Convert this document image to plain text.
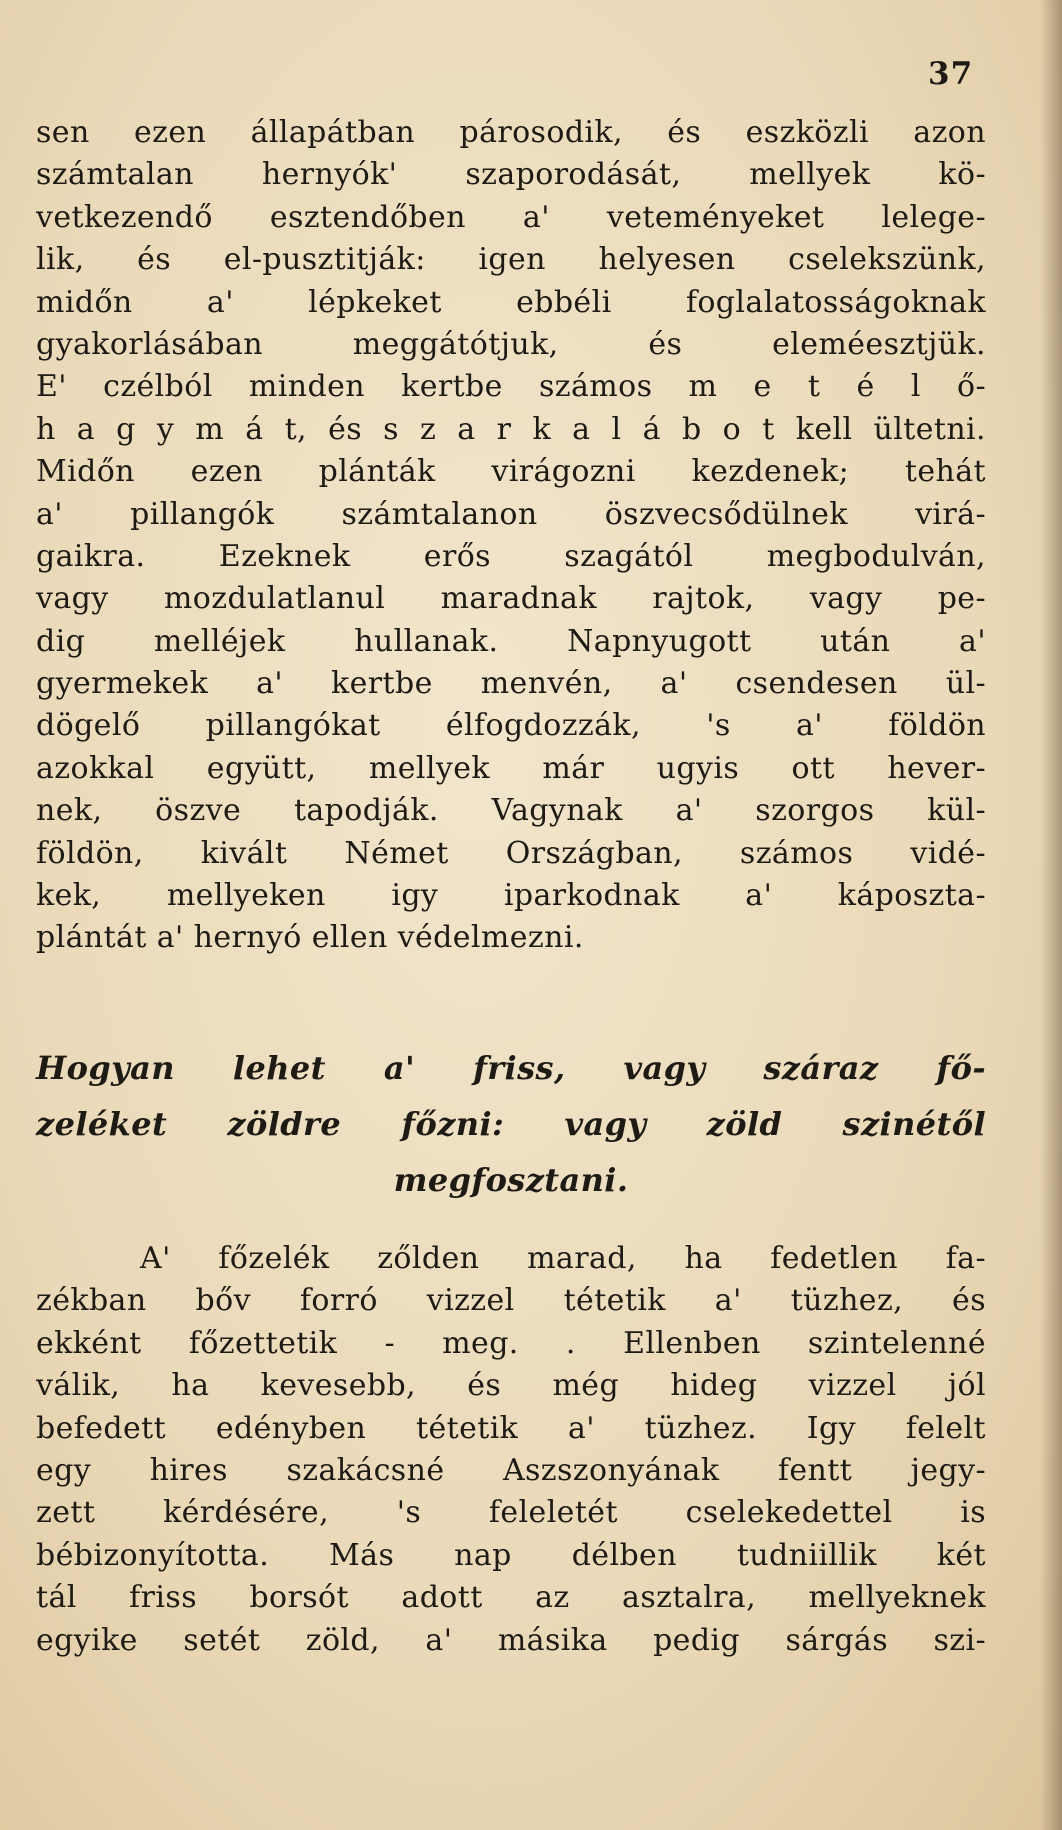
37
sen ezen állapátban párosodik, és eszközli azon
számtalan hernyók' szaporodását, mellyek kö-
vetkezendő esztendőben a' veteményeket lelege-
lik, és el-pusztitják: igen helyesen cselekszünk,
midőn a' lépkeket ebbéli foglalatosságoknak
gyakorlásában meggátótjuk, és eleméesztjük.
E' czélból minden kertbe számos m e t é l ő-
h a g y m á t, és s z a r k a l á b o t kell ültetni.
Midőn ezen plánták virágozni kezdenek; tehát
a' pillangók számtalanon öszvecsődülnek virá-
gaikra. Ezeknek erős szagától megbodulván,
vagy mozdulatlanul maradnak rajtok, vagy pe-
dig melléjek hullanak. Napnyugott után a'
gyermekek a' kertbe menvén, a' csendesen ül-
dögelő pillangókat élfogdozzák, 's a' földön
azokkal együtt, mellyek már ugyis ott hever-
nek, öszve tapodják. Vagynak a' szorgos kül-
földön, kivált Német Országban, számos vidé-
kek, mellyeken igy iparkodnak a' káposzta-
plántát a' hernyó ellen védelmezni.
Hogyan lehet a' friss, vagy száraz fő-
zeléket zöldre főzni: vagy zöld szinétől
megfosztani.
A' főzelék zőlden marad, ha fedetlen fa-
zékban bőv forró vizzel tétetik a' tüzhez, és
ekként főzettetik - meg. . Ellenben szintelenné
válik, ha kevesebb, és még hideg vizzel jól
befedett edényben tétetik a' tüzhez. Igy felelt
egy hires szakácsné Aszszonyának fentt jegy-
zett kérdésére, 's feleletét cselekedettel is
bébizonyította. Más nap délben tudniillik két
tál friss borsót adott az asztalra, mellyeknek
egyike setét zöld, a' másika pedig sárgás szi-
